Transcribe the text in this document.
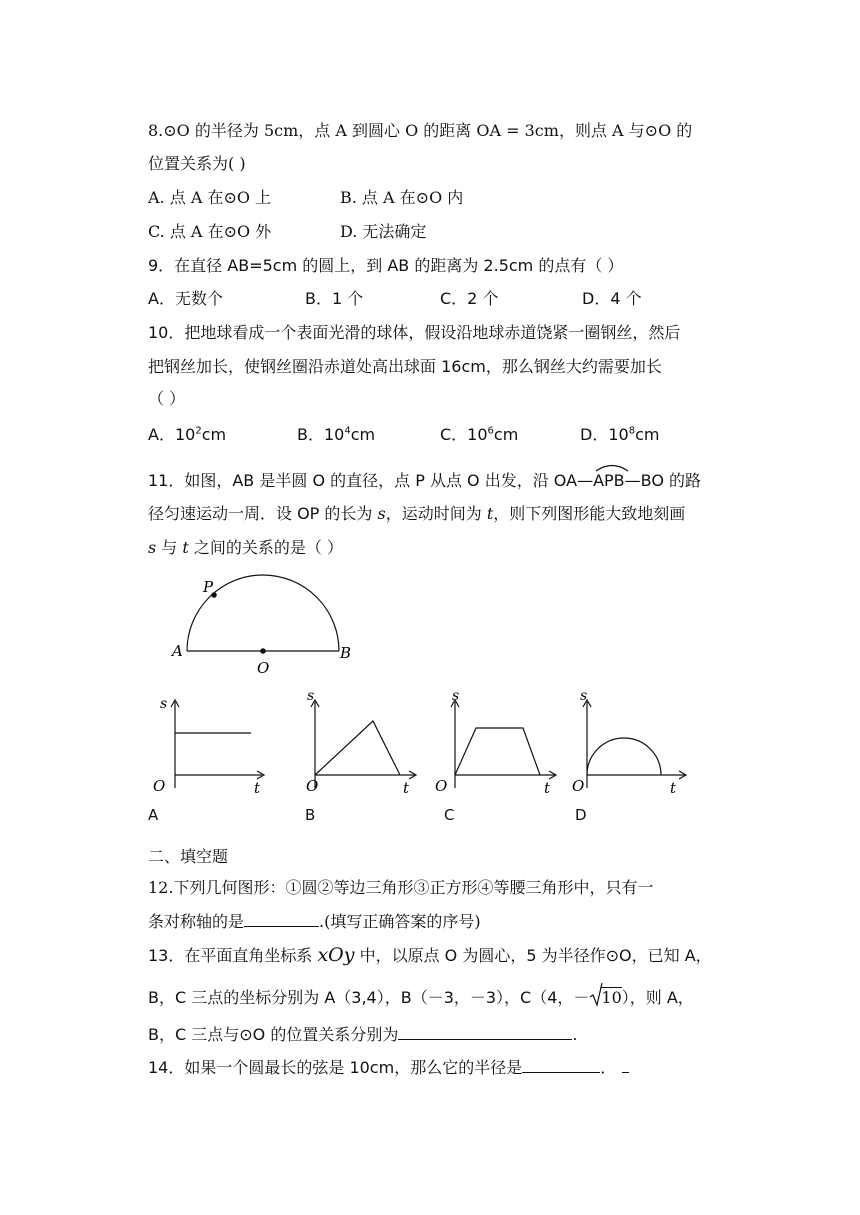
8.⊙O 的半径为 5cm，点 A 到圆心 O 的距离 OA = 3cm，则点 A 与⊙O 的
位置关系为( )
A. 点 A 在⊙O 上	B. 点 A 在⊙O 内
C. 点 A 在⊙O 外	D. 无法确定
9．在直径 AB=5cm 的圆上，到 AB 的距离为 2.5cm 的点有（ ）
A．无数个	B．1 个	C．2 个	D．4 个
10．把地球看成一个表面光滑的球体，假设沿地球赤道饶紧一圈钢丝，然后
把钢丝加长，使钢丝圈沿赤道处高出球面 16cm，那么钢丝大约需要加长
（ ）
A．$10^2cm$	B．$10^4cm$	C．$10^6cm$	D．$10^8cm$
11．如图，AB 是半圆 O 的直径，点 P 从点 O 出发，沿 OA—
APB—BO 的路
径匀速运动一周．设 OP 的长为 s，运动时间为 t，则下列图形能大致地刻画
s 与 t 之间的关系的是（ ）
P
A
O
B
s
O	t
s
O	t
s
O	t
s
O	t
A	B	C	D
二、填空题
12.下列几何图形：①圆②等边三角形③正方形④等腰三角形中，只有一
条对称轴的是	.(填写正确答案的序号)
13．在平面直角坐标系 xOy 中，以原点 O 为圆心，5 为半径作⊙O，已知 A，
B，C 三点的坐标分别为 A（3,4），B（－3，－3），C（4，－ 10），则 A，
B，C 三点与⊙O 的位置关系分别为	.
14．如果一个圆最长的弦是 10cm，那么它的半径是	．
